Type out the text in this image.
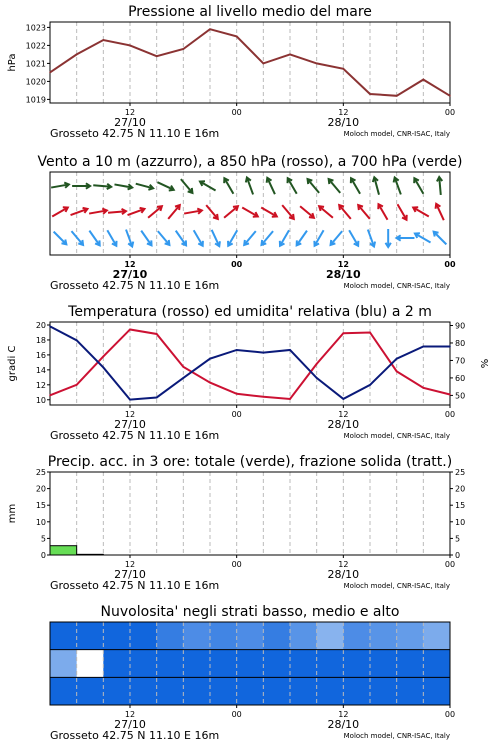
Pressione al livello medio del mare
12	00	12	00
27/10	28/10
Grosseto 42.75 N 11.10 E 16m	Moloch model, CNR-ISAC, Italy
1019
1020
1021
1022
1023
hPa
Vento a 10 m (azzurro), a 850 hPa (rosso), a 700 hPa (verde)
12	00	12	00
27/10	28/10
Grosseto 42.75 N 11.10 E 16m	Moloch model, CNR-ISAC, Italy
Temperatura (rosso) ed umidita' relativa (blu) a 2 m
12	00	12	00
27/10	28/10
Grosseto 42.75 N 11.10 E 16m	Moloch model, CNR-ISAC, Italy
10
12
14
16
18
20
50
60
70
80
90
gradi C	%
Precip. acc. in 3 ore: totale (verde), frazione solida (tratt.)
12	00	12	00
27/10	28/10
Grosseto 42.75 N 11.10 E 16m	Moloch model, CNR-ISAC, Italy
0	0
5	5
10	10
15	15
20	20
25	25
mm
Nuvolosita' negli strati basso, medio e alto
12	00	12	00
27/10	28/10
Grosseto 42.75 N 11.10 E 16m	Moloch model, CNR-ISAC, Italy
